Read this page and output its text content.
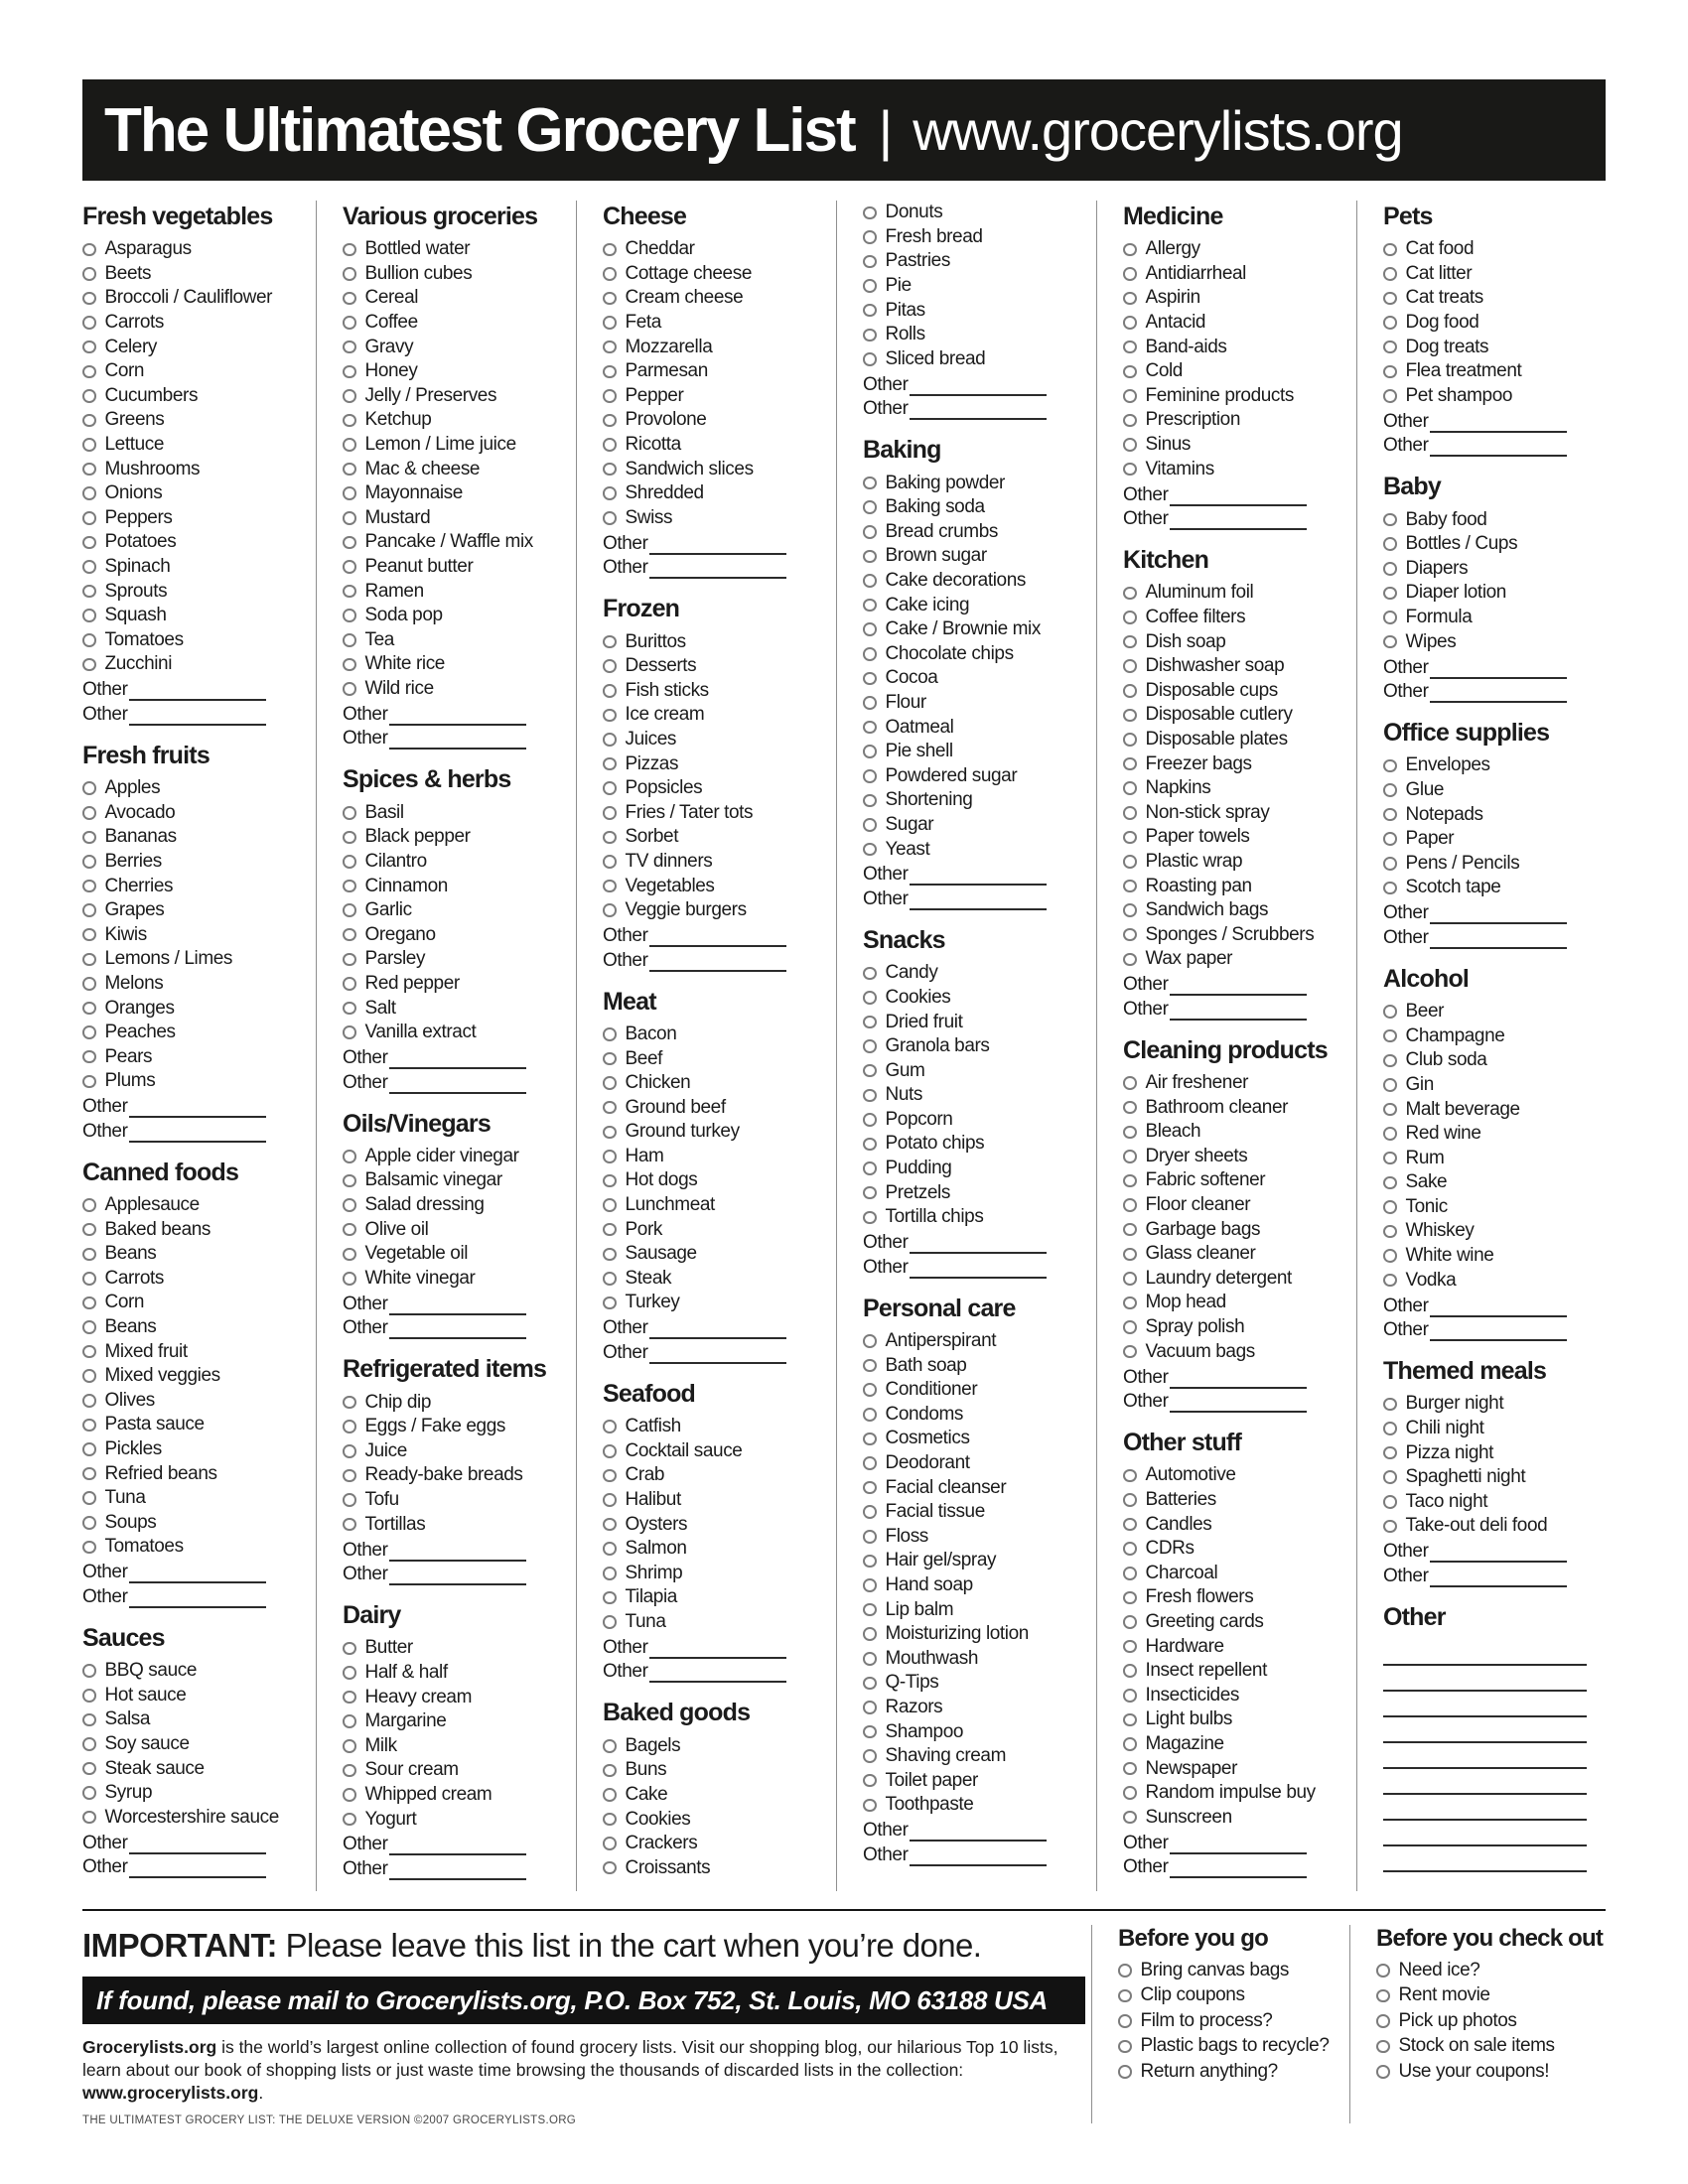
The Ultimatest Grocery List | www.grocerylists.org
Fresh vegetables
Asparagus
Beets
Broccoli / Cauliflower
Carrots
Celery
Corn
Cucumbers
Greens
Lettuce
Mushrooms
Onions
Peppers
Potatoes
Spinach
Sprouts
Squash
Tomatoes
Zucchini
Other
Other
Fresh fruits
Apples
Avocado
Bananas
Berries
Cherries
Grapes
Kiwis
Lemons / Limes
Melons
Oranges
Peaches
Pears
Plums
Other
Other
Canned foods
Applesauce
Baked beans
Beans
Carrots
Corn
Beans
Mixed fruit
Mixed veggies
Olives
Pasta sauce
Pickles
Refried beans
Tuna
Soups
Tomatoes
Other
Other
Sauces
BBQ sauce
Hot sauce
Salsa
Soy sauce
Steak sauce
Syrup
Worcestershire sauce
Other
Other
Various groceries
Bottled water
Bullion cubes
Cereal
Coffee
Gravy
Honey
Jelly / Preserves
Ketchup
Lemon / Lime juice
Mac & cheese
Mayonnaise
Mustard
Pancake / Waffle mix
Peanut butter
Ramen
Soda pop
Tea
White rice
Wild rice
Other
Other
Spices & herbs
Basil
Black pepper
Cilantro
Cinnamon
Garlic
Oregano
Parsley
Red pepper
Salt
Vanilla extract
Other
Other
Oils/Vinegars
Apple cider vinegar
Balsamic vinegar
Salad dressing
Olive oil
Vegetable oil
White vinegar
Other
Other
Refrigerated items
Chip dip
Eggs / Fake eggs
Juice
Ready-bake breads
Tofu
Tortillas
Other
Other
Dairy
Butter
Half & half
Heavy cream
Margarine
Milk
Sour cream
Whipped cream
Yogurt
Other
Other
Cheese
Cheddar
Cottage cheese
Cream cheese
Feta
Mozzarella
Parmesan
Pepper
Provolone
Ricotta
Sandwich slices
Shredded
Swiss
Other
Other
Frozen
Burittos
Desserts
Fish sticks
Ice cream
Juices
Pizzas
Popsicles
Fries / Tater tots
Sorbet
TV dinners
Vegetables
Veggie burgers
Other
Other
Meat
Bacon
Beef
Chicken
Ground beef
Ground turkey
Ham
Hot dogs
Lunchmeat
Pork
Sausage
Steak
Turkey
Other
Other
Seafood
Catfish
Cocktail sauce
Crab
Halibut
Oysters
Salmon
Shrimp
Tilapia
Tuna
Other
Other
Baked goods
Bagels
Buns
Cake
Cookies
Crackers
Croissants
Donuts
Fresh bread
Pastries
Pie
Pitas
Rolls
Sliced bread
Other
Other
Baking
Baking powder
Baking soda
Bread crumbs
Brown sugar
Cake decorations
Cake icing
Cake / Brownie mix
Chocolate chips
Cocoa
Flour
Oatmeal
Pie shell
Powdered sugar
Shortening
Sugar
Yeast
Other
Other
Snacks
Candy
Cookies
Dried fruit
Granola bars
Gum
Nuts
Popcorn
Potato chips
Pudding
Pretzels
Tortilla chips
Other
Other
Personal care
Antiperspirant
Bath soap
Conditioner
Condoms
Cosmetics
Deodorant
Facial cleanser
Facial tissue
Floss
Hair gel/spray
Hand soap
Lip balm
Moisturizing lotion
Mouthwash
Q-Tips
Razors
Shampoo
Shaving cream
Toilet paper
Toothpaste
Other
Other
Medicine
Allergy
Antidiarrheal
Aspirin
Antacid
Band-aids
Cold
Feminine products
Prescription
Sinus
Vitamins
Other
Other
Kitchen
Aluminum foil
Coffee filters
Dish soap
Dishwasher soap
Disposable cups
Disposable cutlery
Disposable plates
Freezer bags
Napkins
Non-stick spray
Paper towels
Plastic wrap
Roasting pan
Sandwich bags
Sponges / Scrubbers
Wax paper
Other
Other
Cleaning products
Air freshener
Bathroom cleaner
Bleach
Dryer sheets
Fabric softener
Floor cleaner
Garbage bags
Glass cleaner
Laundry detergent
Mop head
Spray polish
Vacuum bags
Other
Other
Other stuff
Automotive
Batteries
Candles
CDRs
Charcoal
Fresh flowers
Greeting cards
Hardware
Insect repellent
Insecticides
Light bulbs
Magazine
Newspaper
Random impulse buy
Sunscreen
Other
Other
Pets
Cat food
Cat litter
Cat treats
Dog food
Dog treats
Flea treatment
Pet shampoo
Other
Other
Baby
Baby food
Bottles / Cups
Diapers
Diaper lotion
Formula
Wipes
Other
Other
Office supplies
Envelopes
Glue
Notepads
Paper
Pens / Pencils
Scotch tape
Other
Other
Alcohol
Beer
Champagne
Club soda
Gin
Malt beverage
Red wine
Rum
Sake
Tonic
Whiskey
White wine
Vodka
Other
Other
Themed meals
Burger night
Chili night
Pizza night
Spaghetti night
Taco night
Take-out deli food
Other
Other
Other

IMPORTANT: Please leave this list in the cart when you’re done.

If found, please mail to Grocerylists.org, P.O. Box 752, St. Louis, MO 63188 USA

Grocerylists.org is the world’s largest online collection of found grocery lists. Visit our shopping blog, our hilarious Top 10 lists, learn about our book of shopping lists or just waste time browsing the thousands of discarded lists in the collection: www.grocerylists.org.

THE ULTIMATEST GROCERY LIST: THE DELUXE VERSION ©2007 GROCERYLISTS.ORG

Before you go
Bring canvas bags
Clip coupons
Film to process?
Plastic bags to recycle?
Return anything?
Before you check out
Need ice?
Rent movie
Pick up photos
Stock on sale items
Use your coupons!
